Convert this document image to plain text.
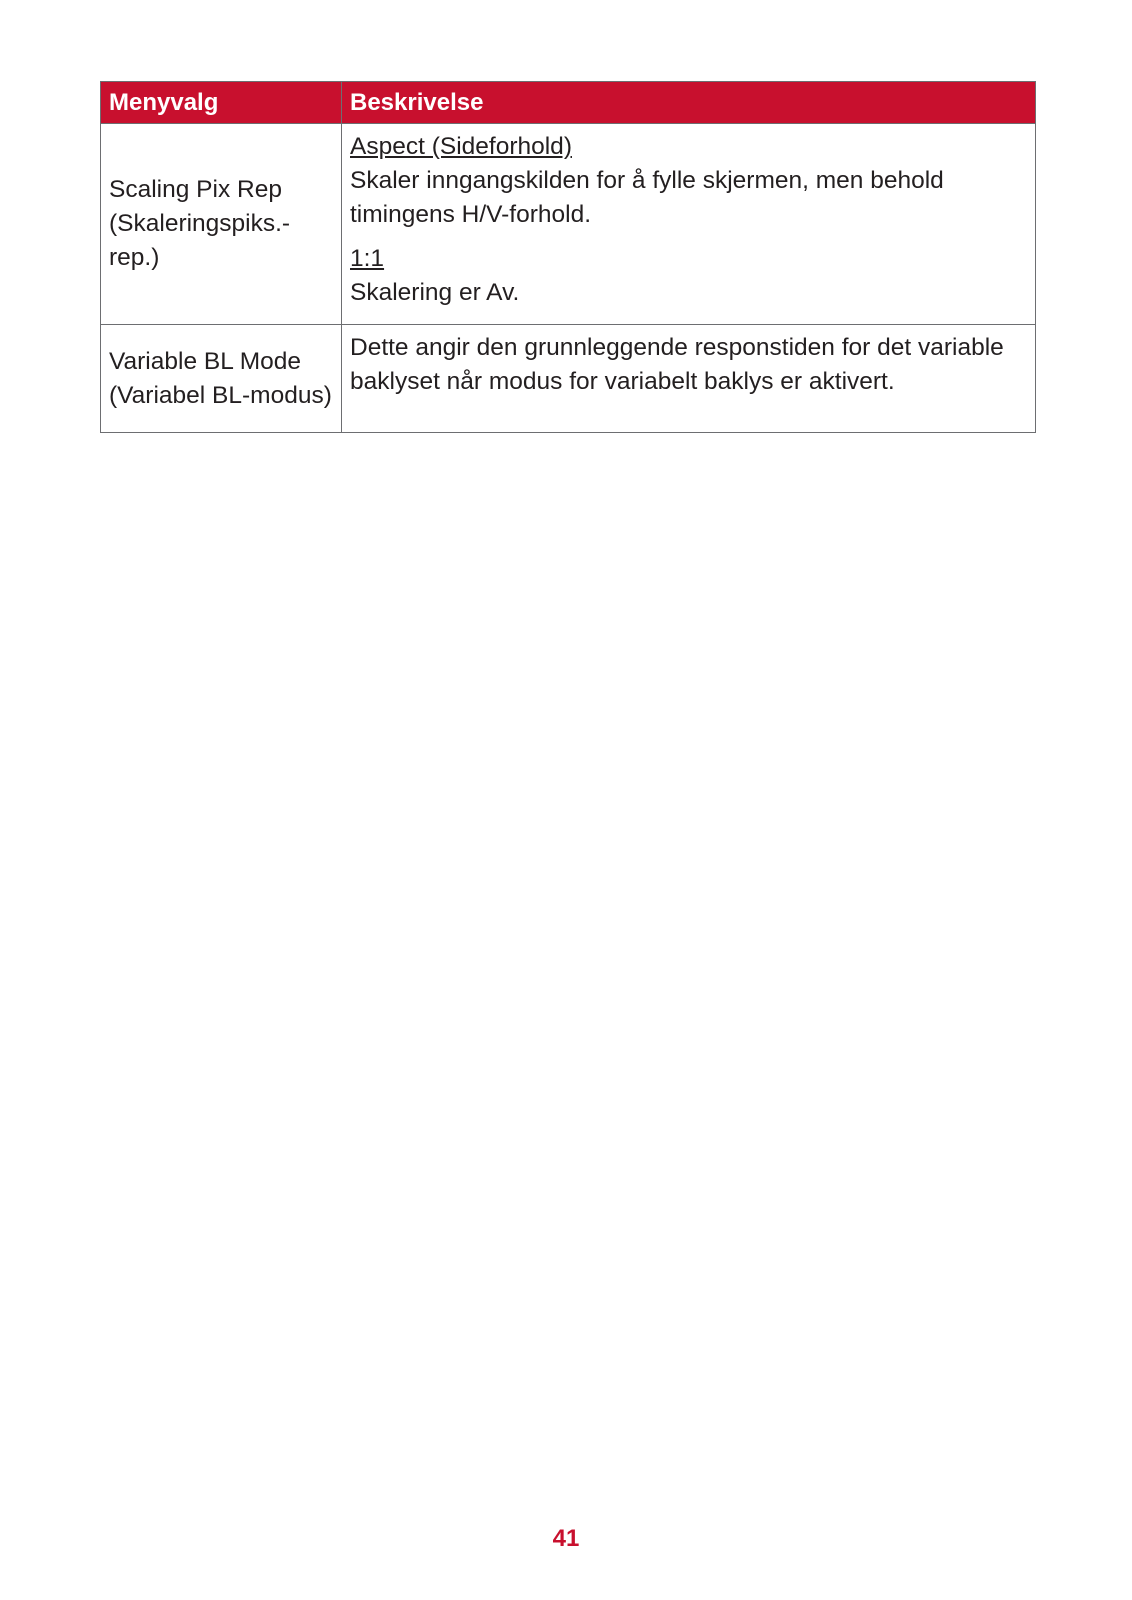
Menyvalg	Beskrivelse
Scaling Pix Rep (Skaleringspiks.-rep.)	Aspect (Sideforhold)
Skaler inngangskilden for å fylle skjermen, men behold timingens H/V-forhold.
1:1
Skalering er Av.

Variable BL Mode (Variabel BL-modus)	Dette angir den grunnleggende responstiden for det variable baklyset når modus for variabelt baklys er aktivert.
41
